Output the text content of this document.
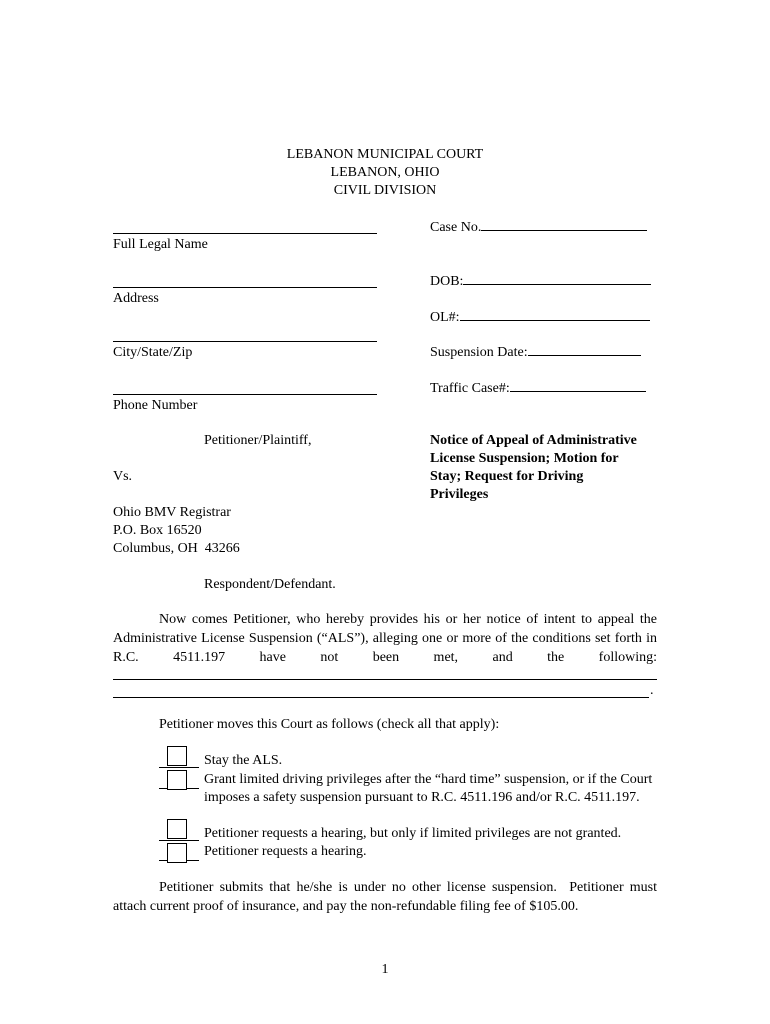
LEBANON MUNICIPAL COURT
LEBANON, OHIO
CIVIL DIVISION
Full Legal Name
Address
City/State/Zip
Phone Number
Case No.
DOB:
OL#:
Suspension Date:
Traffic Case#:
Petitioner/Plaintiff,
Vs.
Ohio BMV Registrar
P.O. Box 16520
Columbus, OH  43266
Respondent/Defendant.
Notice of Appeal of Administrative
License Suspension; Motion for
Stay; Request for Driving
Privileges
Now comes Petitioner, who hereby provides his or her notice of intent to appeal the Administrative License Suspension (“ALS”), alleging one or more of the conditions set forth in R.C. 4511.197 have not been met, and the following:
.
Petitioner moves this Court as follows (check all that apply):
Stay the ALS.
Grant limited driving privileges after the “hard time” suspension, or if the Court imposes a safety suspension pursuant to R.C. 4511.196 and/or R.C. 4511.197.
Petitioner requests a hearing, but only if limited privileges are not granted.
Petitioner requests a hearing.
Petitioner submits that he/she is under no other license suspension.  Petitioner must attach current proof of insurance, and pay the non-refundable filing fee of $105.00.
1
